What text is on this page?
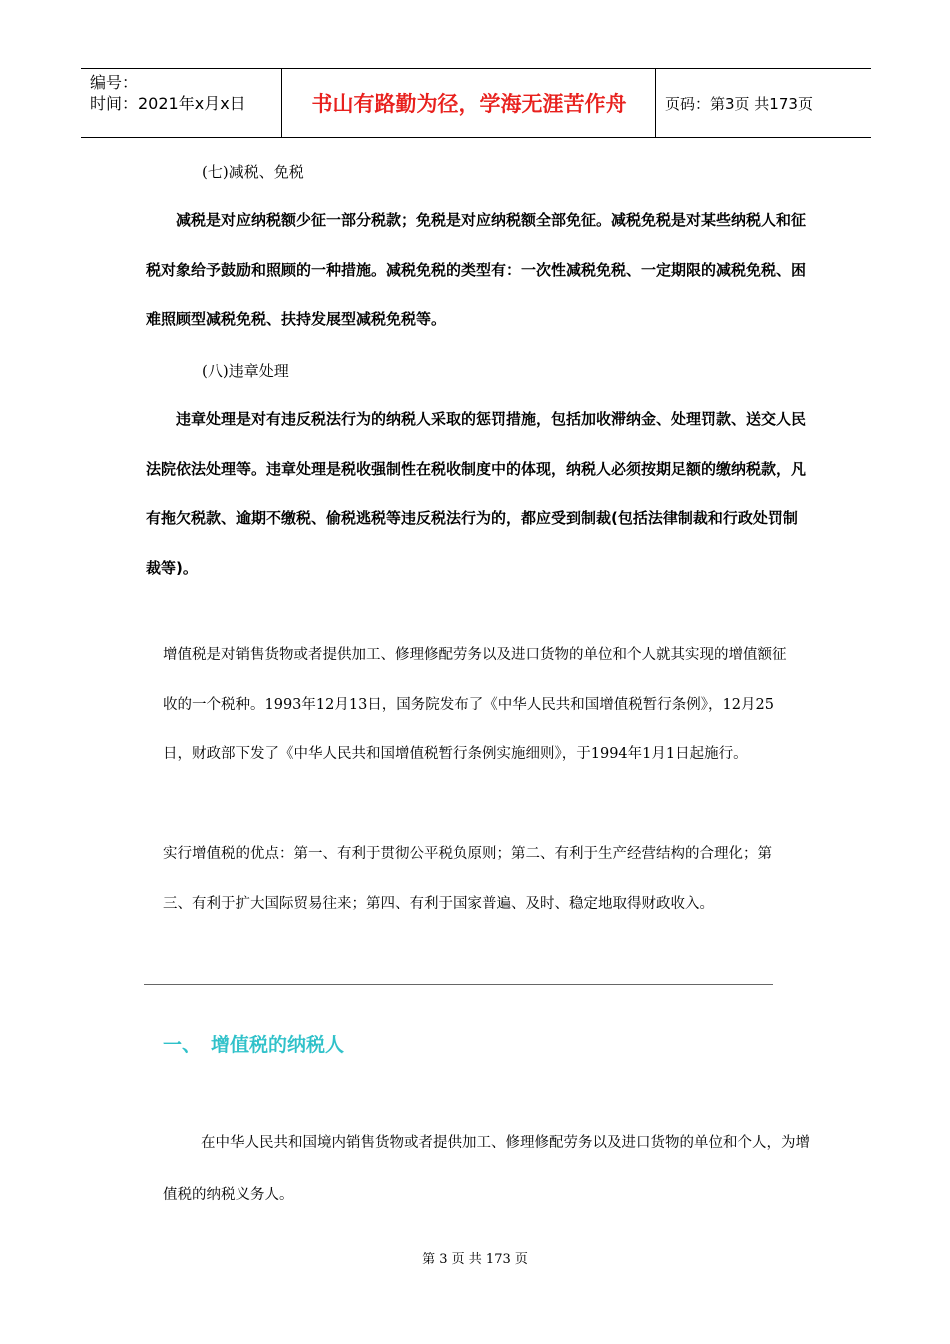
编号：
时间：2021年x月x日	书山有路勤为径，学海无涯苦作舟	页码：第3页 共173页

(七)减税、免税

减税是对应纳税额少征一部分税款；免税是对应纳税额全部免征。减税免税是对某些纳税人和征税对象给予鼓励和照顾的一种措施。减税免税的类型有：一次性减税免税、一定期限的减税免税、困难照顾型减税免税、扶持发展型减税免税等。

(八)违章处理

违章处理是对有违反税法行为的纳税人采取的惩罚措施，包括加收滞纳金、处理罚款、送交人民法院依法处理等。违章处理是税收强制性在税收制度中的体现，纳税人必须按期足额的缴纳税款，凡有拖欠税款、逾期不缴税、偷税逃税等违反税法行为的，都应受到制裁(包括法律制裁和行政处罚制裁等)。

增值税是对销售货物或者提供加工、修理修配劳务以及进口货物的单位和个人就其实现的增值额征收的一个税种。1993年12月13日，国务院发布了《中华人民共和国增值税暂行条例》，12月25日，财政部下发了《中华人民共和国增值税暂行条例实施细则》，于1994年1月1日起施行。

实行增值税的优点：第一、有利于贯彻公平税负原则；第二、有利于生产经营结构的合理化；第三、有利于扩大国际贸易往来；第四、有利于国家普遍、及时、稳定地取得财政收入。

一、 增值税的纳税人

在中华人民共和国境内销售货物或者提供加工、修理修配劳务以及进口货物的单位和个人，为增值税的纳税义务人。

第 3 页 共 173 页
